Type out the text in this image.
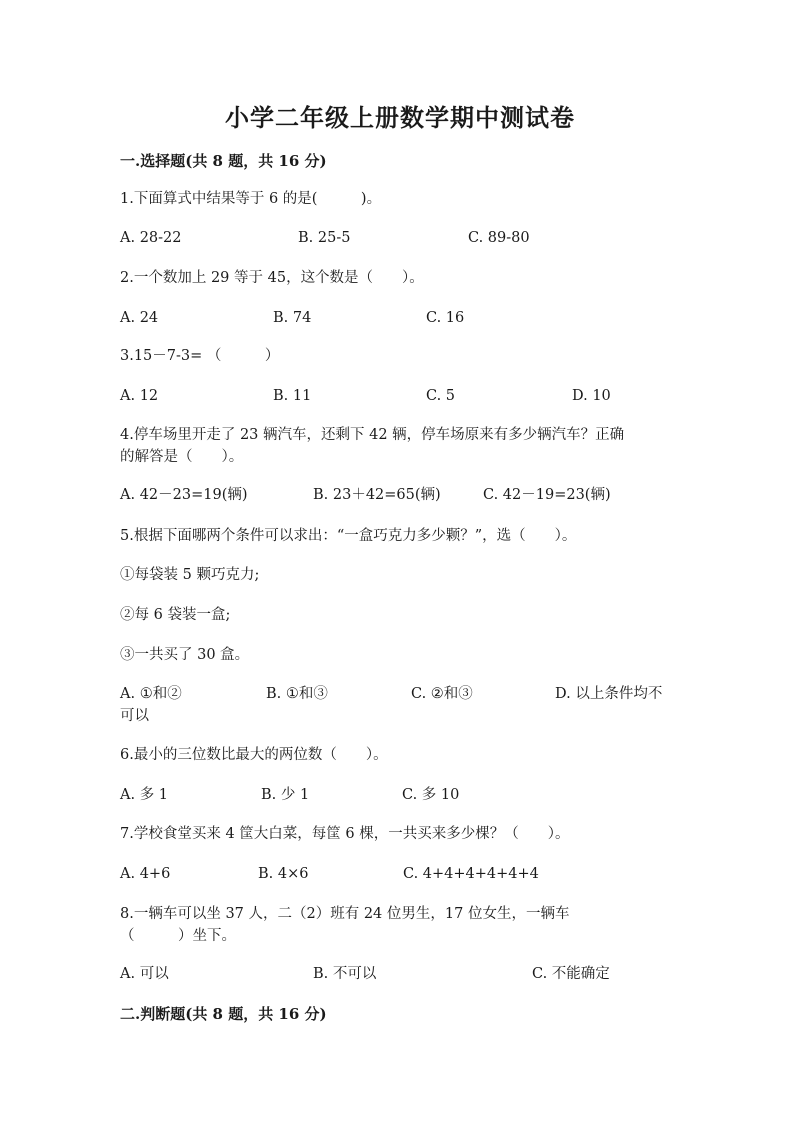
小学二年级上册数学期中测试卷
一.选择题(共 8 题，共 16 分)
1.下面算式中结果等于 6 的是(　　　)。
A. 28-22	B. 25-5	C. 89-80
2.一个数加上 29 等于 45，这个数是（　　）。
A. 24	B. 74	C. 16
3.15－7-3= （　　　）
A. 12	B. 11	C. 5	D. 10
4.停车场里开走了 23 辆汽车，还剩下 42 辆，停车场原来有多少辆汽车？正确
的解答是（　　）。
A. 42－23=19(辆)	B. 23＋42=65(辆)	C. 42－19=23(辆)
5.根据下面哪两个条件可以求出：“一盒巧克力多少颗？”，选（　　）。
①每袋装 5 颗巧克力;
②每 6 袋装一盒;
③一共买了 30 盒。
A. ①和②	B. ①和③	C. ②和③	D. 以上条件均不
可以
6.最小的三位数比最大的两位数（　　）。
A. 多 1	B. 少 1	C. 多 10
7.学校食堂买来 4 筐大白菜，每筐 6 棵，一共买来多少棵？（　　）。
A. 4+6	B. 4×6	C. 4+4+4+4+4+4
8.一辆车可以坐 37 人，二（2）班有 24 位男生，17 位女生，一辆车
（　　　）坐下。
A. 可以	B. 不可以	C. 不能确定
二.判断题(共 8 题，共 16 分)
